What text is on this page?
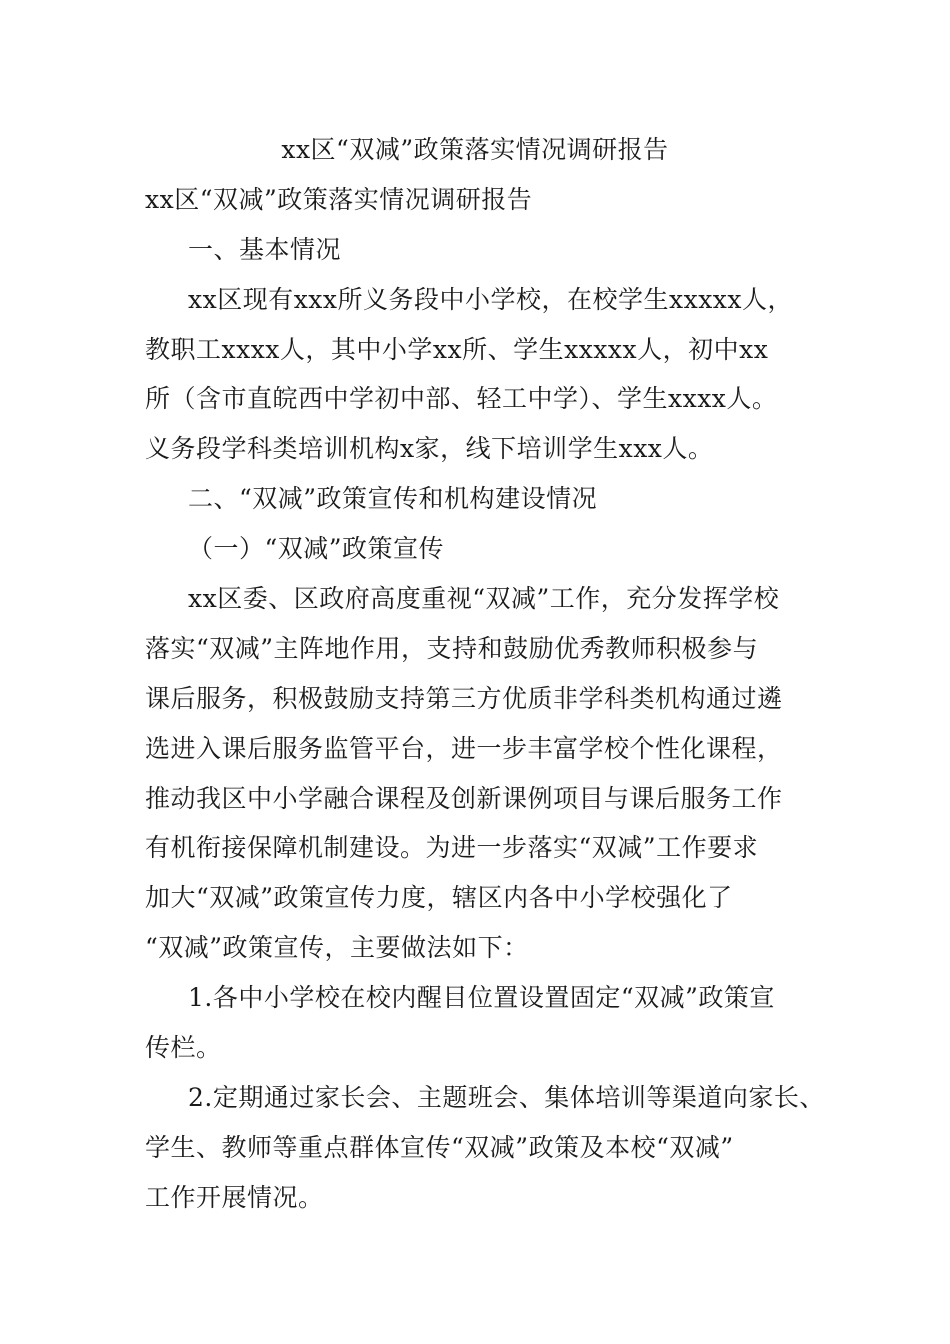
xx区“双减”政策落实情况调研报告
xx区“双减”政策落实情况调研报告
一、基本情况
xx区现有xxx所义务段中小学校，在校学生xxxxx人，
教职工xxxx人，其中小学xx所、学生xxxxx人，初中xx
所（含市直皖西中学初中部、轻工中学）、学生xxxx人。
义务段学科类培训机构x家，线下培训学生xxx人。
二、“双减”政策宣传和机构建设情况
（一）“双减”政策宣传
xx区委、区政府高度重视“双减”工作，充分发挥学校
落实“双减”主阵地作用，支持和鼓励优秀教师积极参与
课后服务，积极鼓励支持第三方优质非学科类机构通过遴
选进入课后服务监管平台，进一步丰富学校个性化课程，
推动我区中小学融合课程及创新课例项目与课后服务工作
有机衔接保障机制建设。为进一步落实“双减”工作要求
加大“双减”政策宣传力度，辖区内各中小学校强化了
“双减”政策宣传，主要做法如下：
1.各中小学校在校内醒目位置设置固定“双减”政策宣
传栏。
2.定期通过家长会、主题班会、集体培训等渠道向家长、
学生、教师等重点群体宣传“双减”政策及本校“双减”
工作开展情况。
